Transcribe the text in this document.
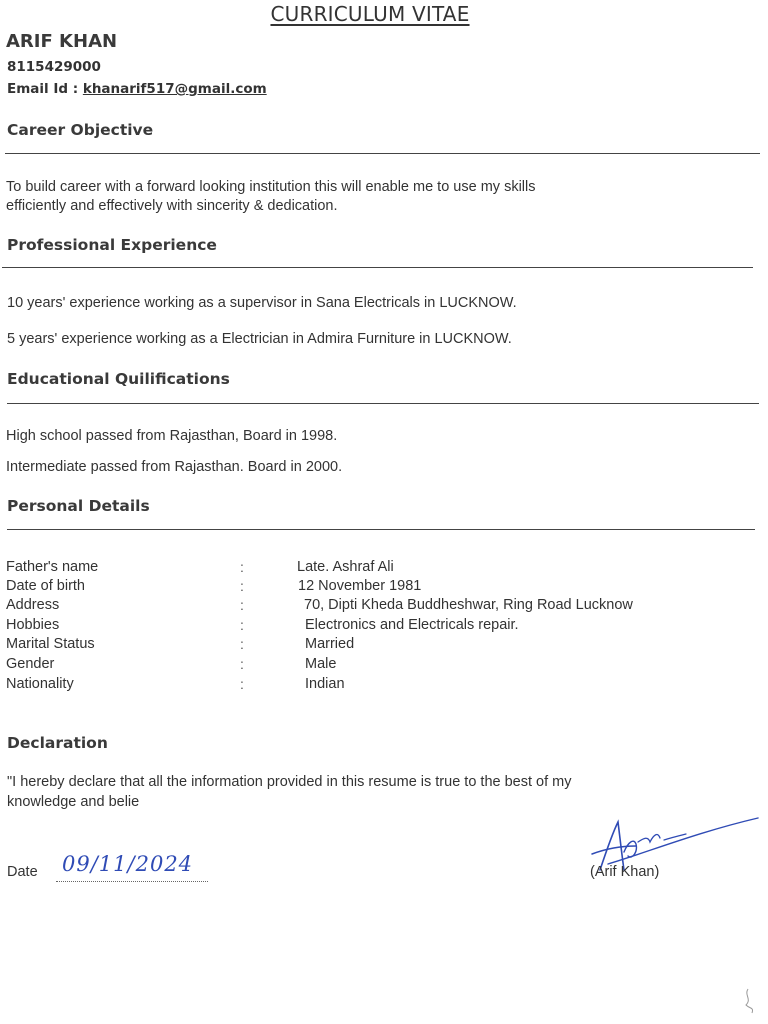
CURRICULUM VITAE
ARIF KHAN
8115429000
Email Id : khanarif517@gmail.com
Career Objective
To build career with a forward looking institution this will enable me to use my skills
efficiently and effectively with sincerity & dedication.
Professional Experience
10 years' experience working as a supervisor in Sana Electricals in LUCKNOW.
5 years' experience working as a Electrician in Admira Furniture in LUCKNOW.
Educational Quilifications
High school passed from Rajasthan, Board in 1998.
Intermediate passed from Rajasthan. Board in 2000.
Personal Details
Father's name	:	Late. Ashraf Ali
Date of birth	:	12 November 1981
Address	:	70, Dipti Kheda Buddheshwar, Ring Road Lucknow
Hobbies	:	Electronics and Electricals repair.
Marital Status	:	Married
Gender	:	Male
Nationality	:	Indian
Declaration
"I hereby declare that all the information provided in this resume is true to the best of my
knowledge and belie
Date 09/11/2024	(Arif Khan)
